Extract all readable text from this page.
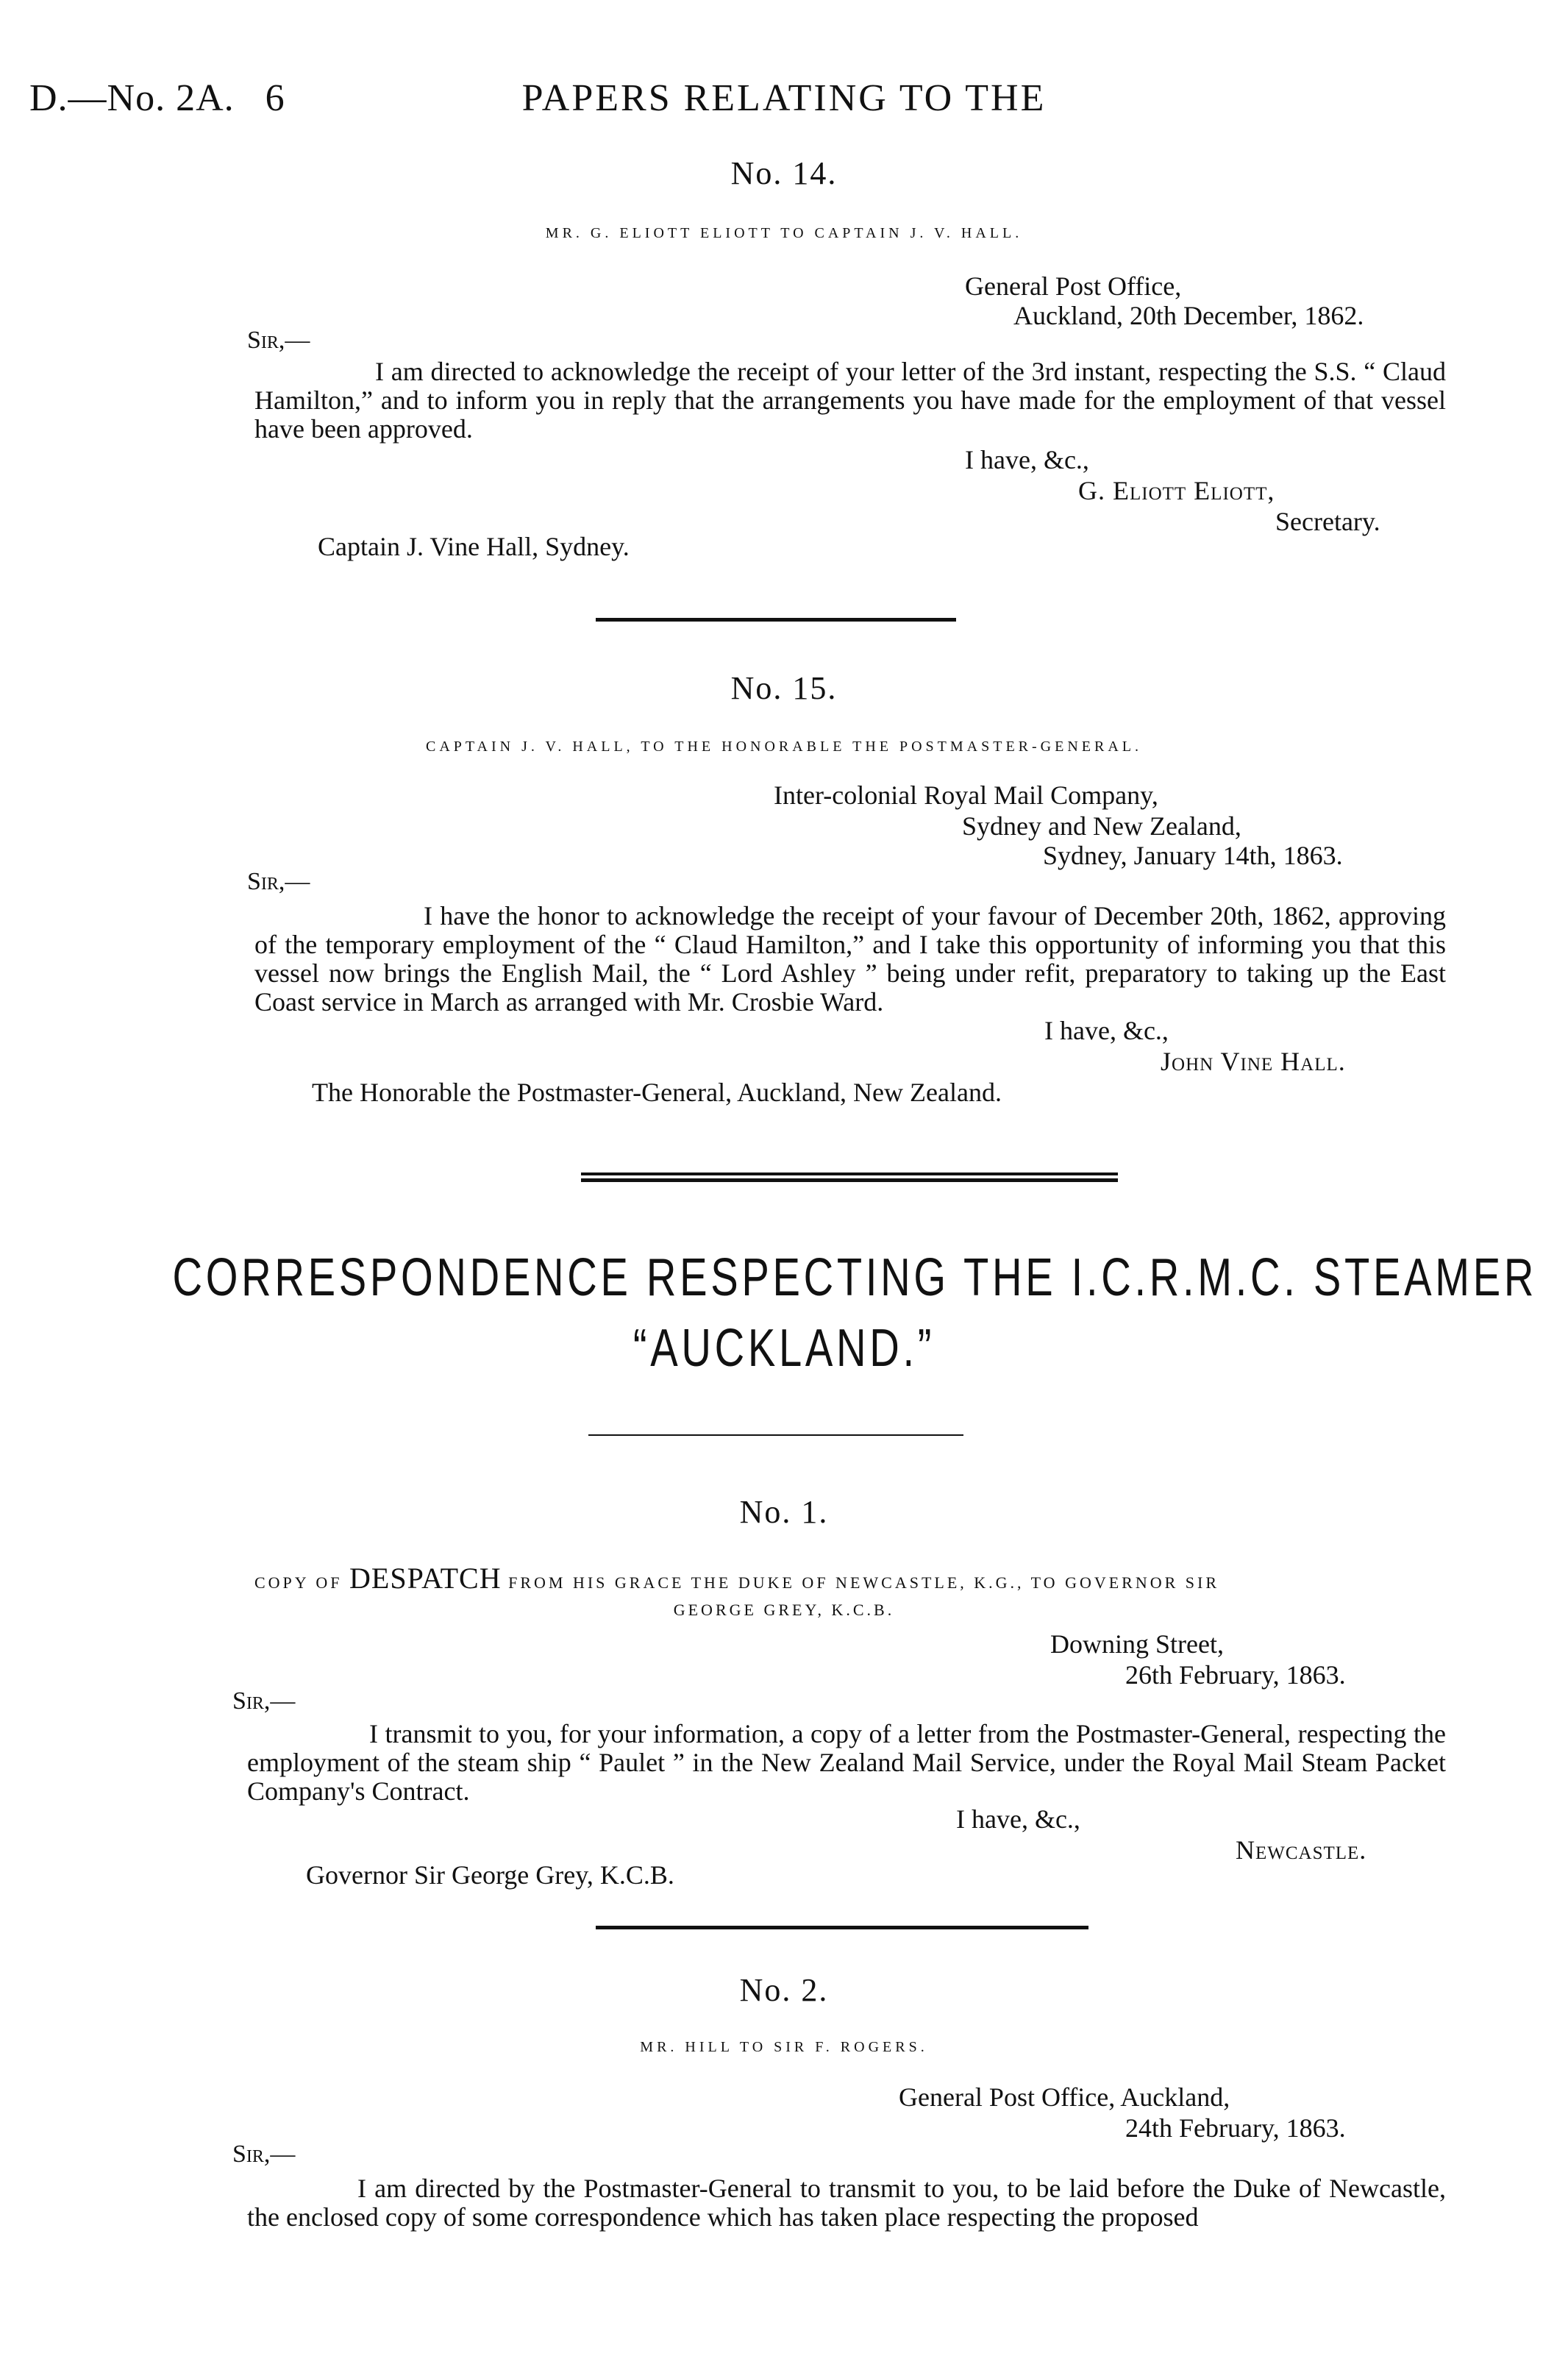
D.—No. 2A. 6	PAPERS RELATING TO THE
No. 14.
MR. G. ELIOTT ELIOTT TO CAPTAIN J. V. HALL.
General Post Office,
Auckland, 20th December, 1862.
Sir,—
I am directed to acknowledge the receipt of your letter of the 3rd instant, respecting the S.S. “ Claud Hamilton,” and to inform you in reply that the arrangements you have made for the employment of that vessel have been approved.
I have, &c.,
G. Eliott Eliott,
Secretary.
Captain J. Vine Hall, Sydney.
No. 15.
CAPTAIN J. V. HALL, TO THE HONORABLE THE POSTMASTER-GENERAL.
Inter-colonial Royal Mail Company,
Sydney and New Zealand,
Sydney, January 14th, 1863.
Sir,—
I have the honor to acknowledge the receipt of your favour of December 20th, 1862, approving of the temporary employment of the “ Claud Hamilton,” and I take this opportunity of informing you that this vessel now brings the English Mail, the “ Lord Ashley ” being under refit, preparatory to taking up the East Coast service in March as arranged with Mr. Crosbie Ward.
I have, &c.,
John Vine Hall.
The Honorable the Postmaster-General, Auckland, New Zealand.
CORRESPONDENCE RESPECTING THE I.C.R.M.C. STEAMER
“AUCKLAND.”
No. 1.
COPY OF DESPATCH FROM HIS GRACE THE DUKE OF NEWCASTLE, K.G., TO GOVERNOR SIR
GEORGE GREY, K.C.B.
Downing Street,
26th February, 1863.
Sir,—
I transmit to you, for your information, a copy of a letter from the Postmaster-General, respecting the employment of the steam ship “ Paulet ” in the New Zealand Mail Service, under the Royal Mail Steam Packet Company's Contract.
I have, &c.,
Newcastle.
Governor Sir George Grey, K.C.B.
No. 2.
MR. HILL TO SIR F. ROGERS.
General Post Office, Auckland,
24th February, 1863.
Sir,—
I am directed by the Postmaster-General to transmit to you, to be laid before the Duke of Newcastle, the enclosed copy of some correspondence which has taken place respecting the proposed
